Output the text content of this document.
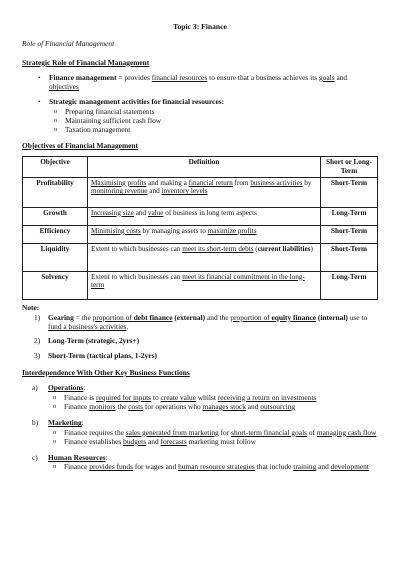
Topic 3: Finance
Role of Financial Management
Strategic Role of Financial Management
• Finance management = provides financial resources to ensure that a business achieves its goals and objectives
• Strategic management activities for financial resources:
o Preparing financial statements
o Maintaining sufficient cash flow
o Taxation management
Objectives of Financial Management
Objective	Definition	Short or Long-Term
Profitability	Maximising profits and making a financial return from business activities by monitoring revenue and inventory levels	Short-Term
Growth	Increasing size and value of business in long term aspects	Long-Term
Efficiency	Minimising costs by managing assets to maximize profits	Short-Term
Liquidity	Extent to which businesses can meet its short-term debts (current liabilities)	Short-Term
Solvency	Extent to which businesses can meet its financial commitment in the long-term	Long-Term
Note:
1) Gearing = the proportion of debt finance (external) and the proportion of equity finance (internal) use to fund a business's activities.
2) Long-Term (strategic, 2yrs+)
3) Short-Term (tactical plans, 1-2yrs)
Interdependence With Other Key Business Functions
a) Operations:
o Finance is required for inputs to create value whilst receiving a return on investments
o Finance monitors the costs for operations who manages stock and outsourcing
b) Marketing:
o Finance requires the sales generated from marketing for short-term financial goals of managing cash flow
o Finance establishes budgets and forecasts marketing must follow
c) Human Resources:
o Finance provides funds for wages and human resource strategies that include training and development
